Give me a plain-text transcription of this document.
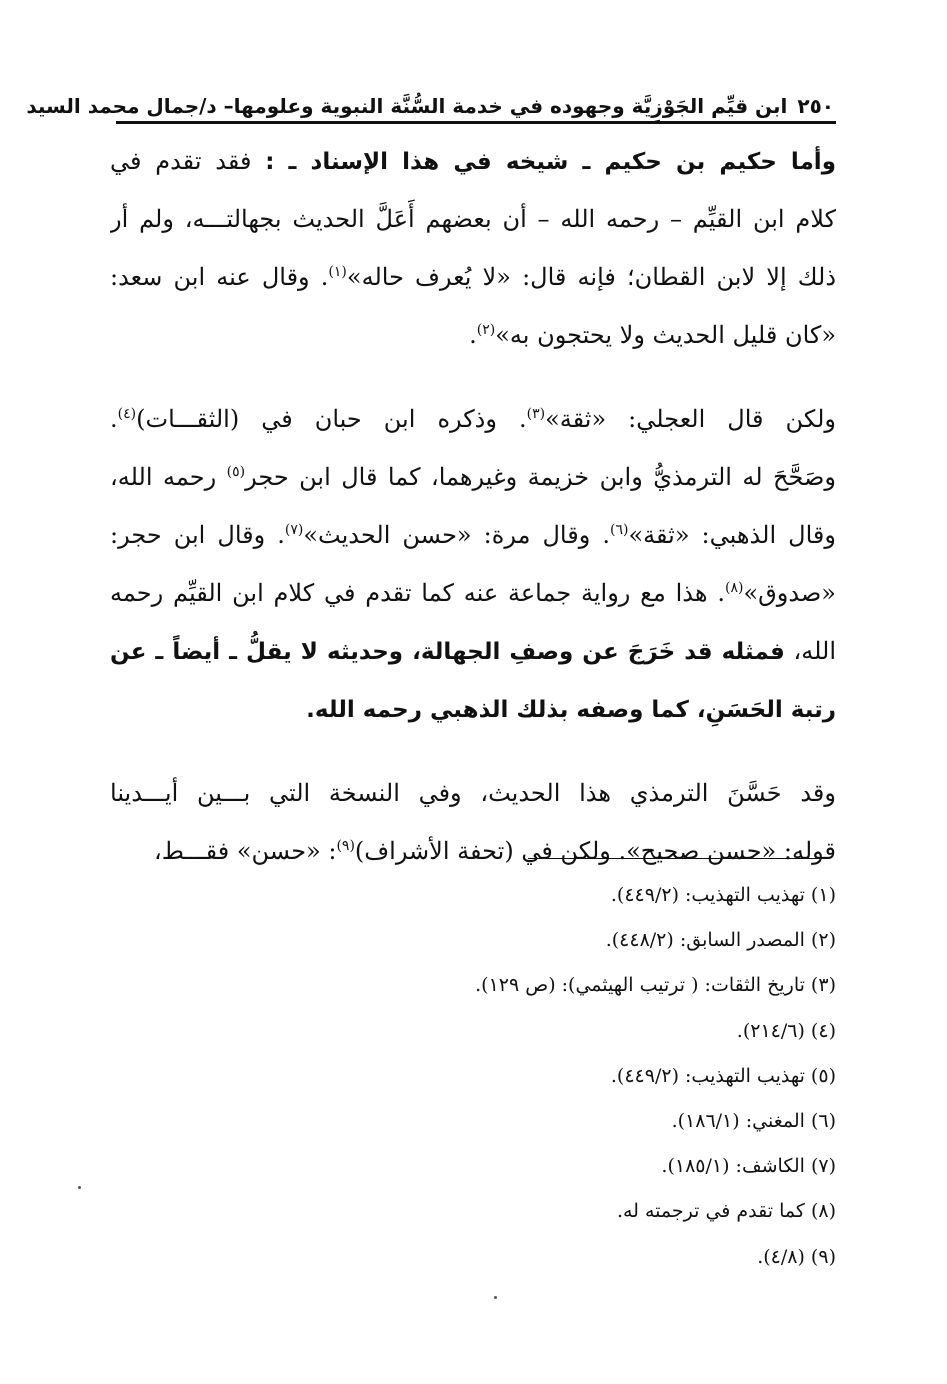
٢٥٠
ابن قيِّم الجَوْزِيَّة وجهوده في خدمة السُّنَّة النبوية وعلومها– د/جمال محمد السيد
وأما حكيم بن حكيم ـ شيخه في هذا الإسناد ـ : فقد تقدم في
كلام ابن القيِّم – رحمه الله – أن بعضهم أَعَلَّ الحديث بجهالتـــه، ولم أر
ذلك إلا لابن القطان؛ فإنه قال: «لا يُعرف حاله»$^{(١)}$. وقال عنه ابن سعد:
«كان قليل الحديث ولا يحتجون به»$^{(٢)}$.
ولكن قال العجلي: «ثقة»$^{(٣)}$. وذكره ابن حبان في (الثقـــات)$^{(٤)}$.
وصَحَّحَ له الترمذيُّ وابن خزيمة وغيرهما، كما قال ابن حجر$^{(٥)}$ رحمه الله،
وقال الذهبي: «ثقة»$^{(٦)}$. وقال مرة: «حسن الحديث»$^{(٧)}$. وقال ابن حجر:
«صدوق»$^{(٨)}$. هذا مع رواية جماعة عنه كما تقدم في كلام ابن القيِّم رحمه
الله، فمثله قد خَرَجَ عن وصفِ الجهالة، وحديثه لا يقلُّ ـ أيضاً ـ عن
رتبة الحَسَنِ، كما وصفه بذلك الذهبي رحمه الله.
وقد حَسَّنَ الترمذي هذا الحديث، وفي النسخة التي بـــين أيـــدينا
قوله: «حسن صحيح». ولكن في (تحفة الأشراف)$^{(٩)}$: «حسن» فقـــط،
(١) تهذيب التهذيب: (٤٤٩/٢).
(٢) المصدر السابق: (٤٤٨/٢).
(٣) تاريخ الثقات: ( ترتيب الهيثمي): (ص ١٢٩).
(٤) (٢١٤/٦).
(٥) تهذيب التهذيب: (٤٤٩/٢).
(٦) المغني: (١٨٦/١).
(٧) الكاشف: (١٨٥/١).
(٨) كما تقدم في ترجمته له.
(٩) (٤/٨).
